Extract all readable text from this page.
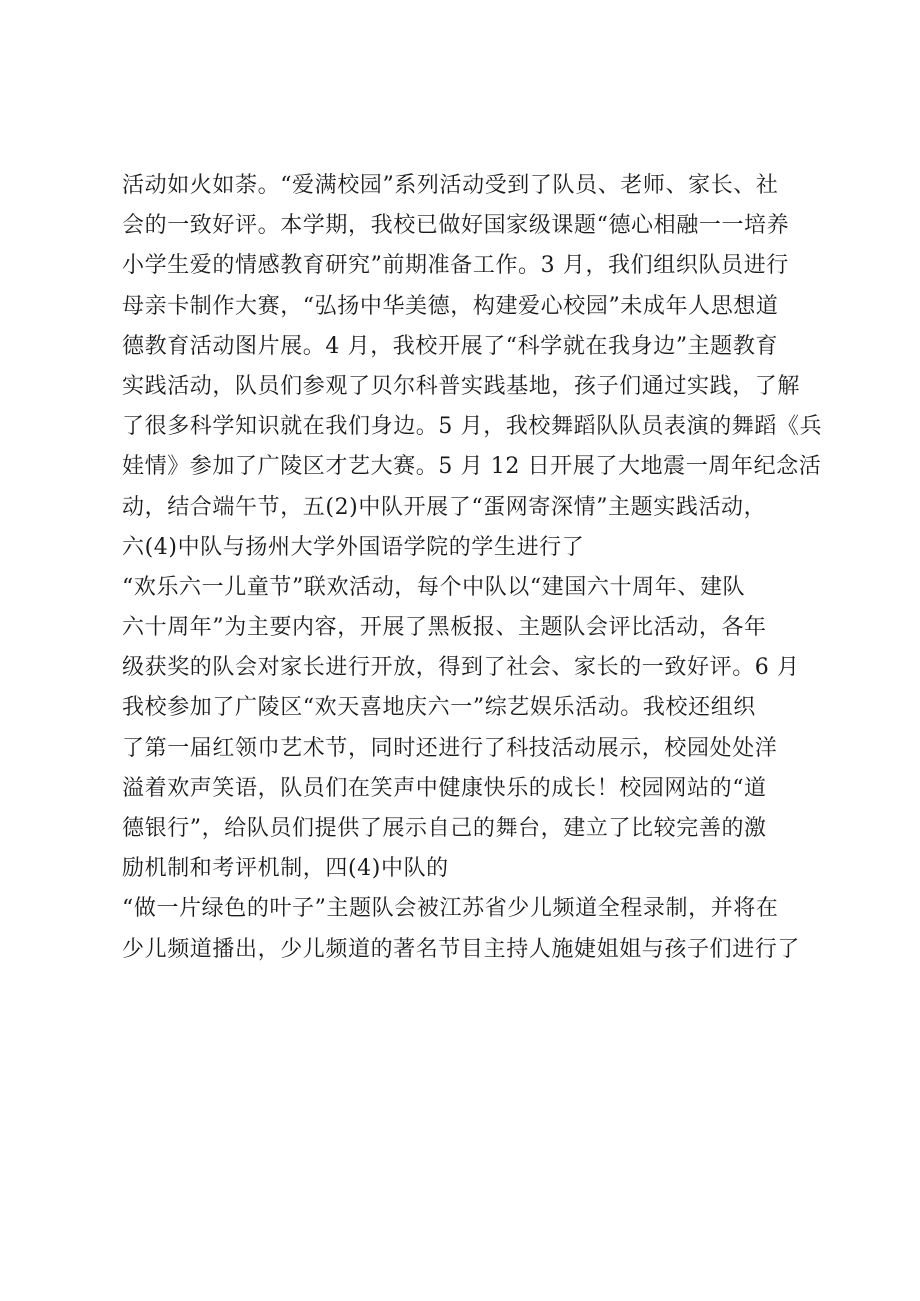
活动如火如荼。“爱满校园”系列活动受到了队员、老师、家长、社
会的一致好评。本学期，我校已做好国家级课题“德心相融一一培养
小学生爱的情感教育研究”前期准备工作。3 月，我们组织队员进行
母亲卡制作大赛，“弘扬中华美德，构建爱心校园”未成年人思想道
德教育活动图片展。4 月，我校开展了“科学就在我身边”主题教育
实践活动，队员们参观了贝尔科普实践基地，孩子们通过实践，了解
了很多科学知识就在我们身边。5 月，我校舞蹈队队员表演的舞蹈《兵
娃情》参加了广陵区才艺大赛。5 月 12 日开展了大地震一周年纪念活
动，结合端午节，五(2)中队开展了“蛋网寄深情”主题实践活动，
六(4)中队与扬州大学外国语学院的学生进行了
“欢乐六一儿童节”联欢活动，每个中队以“建国六十周年、建队
六十周年”为主要内容，开展了黑板报、主题队会评比活动，各年
级获奖的队会对家长进行开放，得到了社会、家长的一致好评。6 月
我校参加了广陵区“欢天喜地庆六一”综艺娱乐活动。我校还组织
了第一届红领巾艺术节，同时还进行了科技活动展示，校园处处洋
溢着欢声笑语，队员们在笑声中健康快乐的成长！校园网站的“道
德银行”，给队员们提供了展示自己的舞台，建立了比较完善的激
励机制和考评机制，四(4)中队的
“做一片绿色的叶子”主题队会被江苏省少儿频道全程录制，并将在
少儿频道播出，少儿频道的著名节目主持人施婕姐姐与孩子们进行了
